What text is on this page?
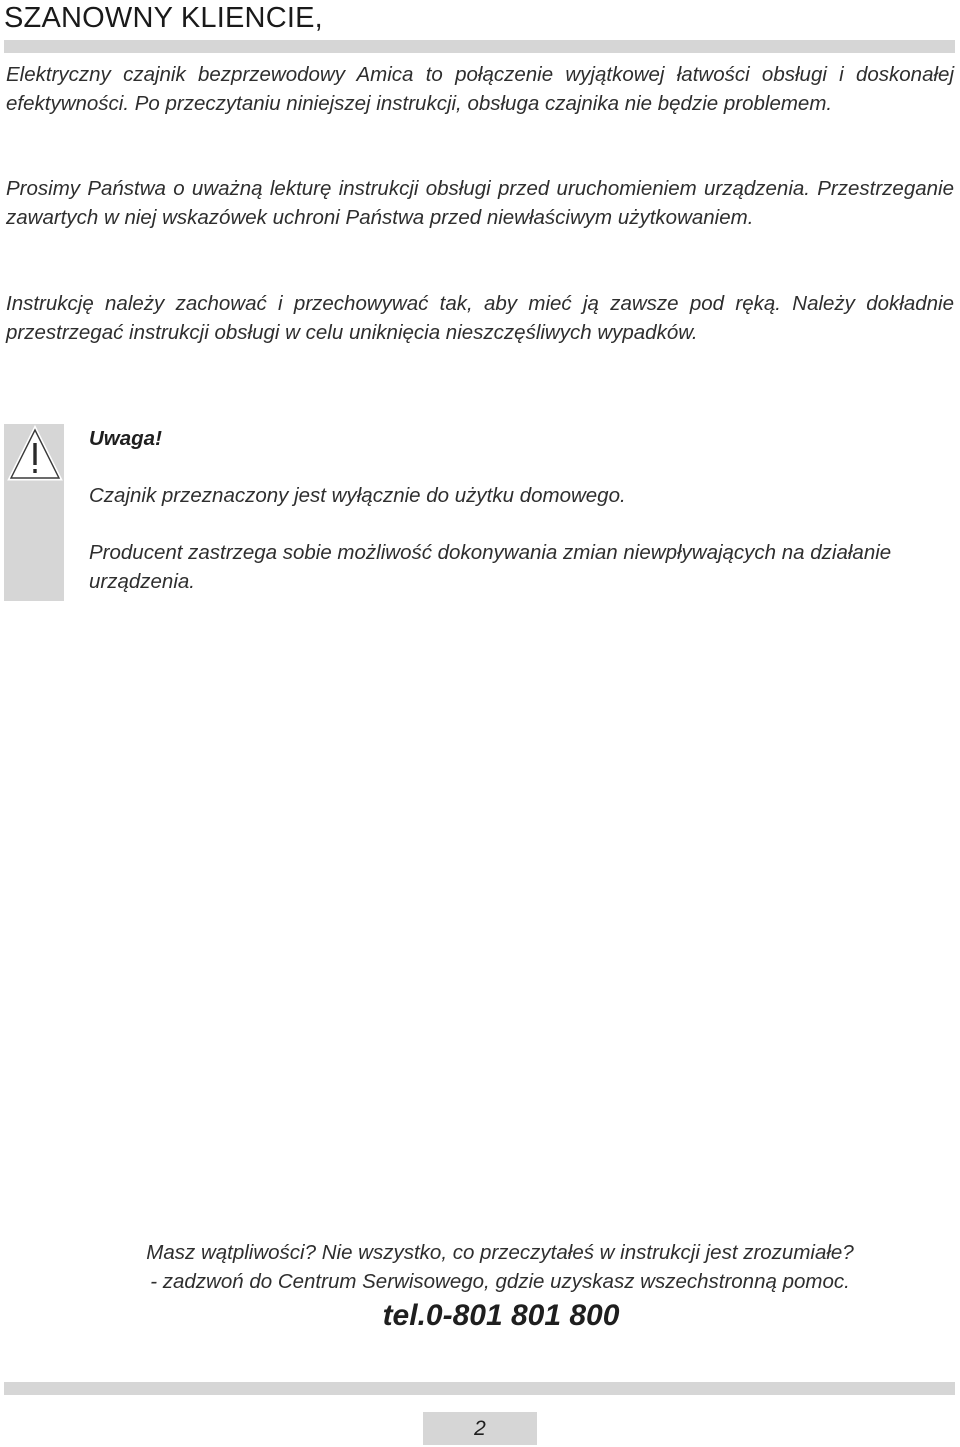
SZANOWNY KLIENCIE,

Elektryczny czajnik bezprzewodowy Amica to połączenie wyjątkowej łatwości obsługi i doskonałej efektywności. Po przeczytaniu niniejszej instrukcji, obsługa czajnika nie będzie problemem.

Prosimy Państwa o uważną lekturę instrukcji obsługi przed uruchomieniem urządzenia. Przestrzeganie zawartych w niej wskazówek uchroni Państwa przed niewłaściwym użytkowaniem.

Instrukcję należy zachować i przechowywać tak, aby mieć ją zawsze pod ręką. Należy dokładnie przestrzegać instrukcji obsługi w celu uniknięcia nieszczęśliwych wypadków.

Uwaga!

Czajnik przeznaczony jest wyłącznie do użytku domowego.

Producent zastrzega sobie możliwość dokonywania zmian niewpływających na działanie urządzenia.

Masz wątpliwości? Nie wszystko, co przeczytałeś w instrukcji jest zrozumiałe?

- zadzwoń do Centrum Serwisowego, gdzie uzyskasz wszechstronną pomoc.

tel.0-801 801 800

2
